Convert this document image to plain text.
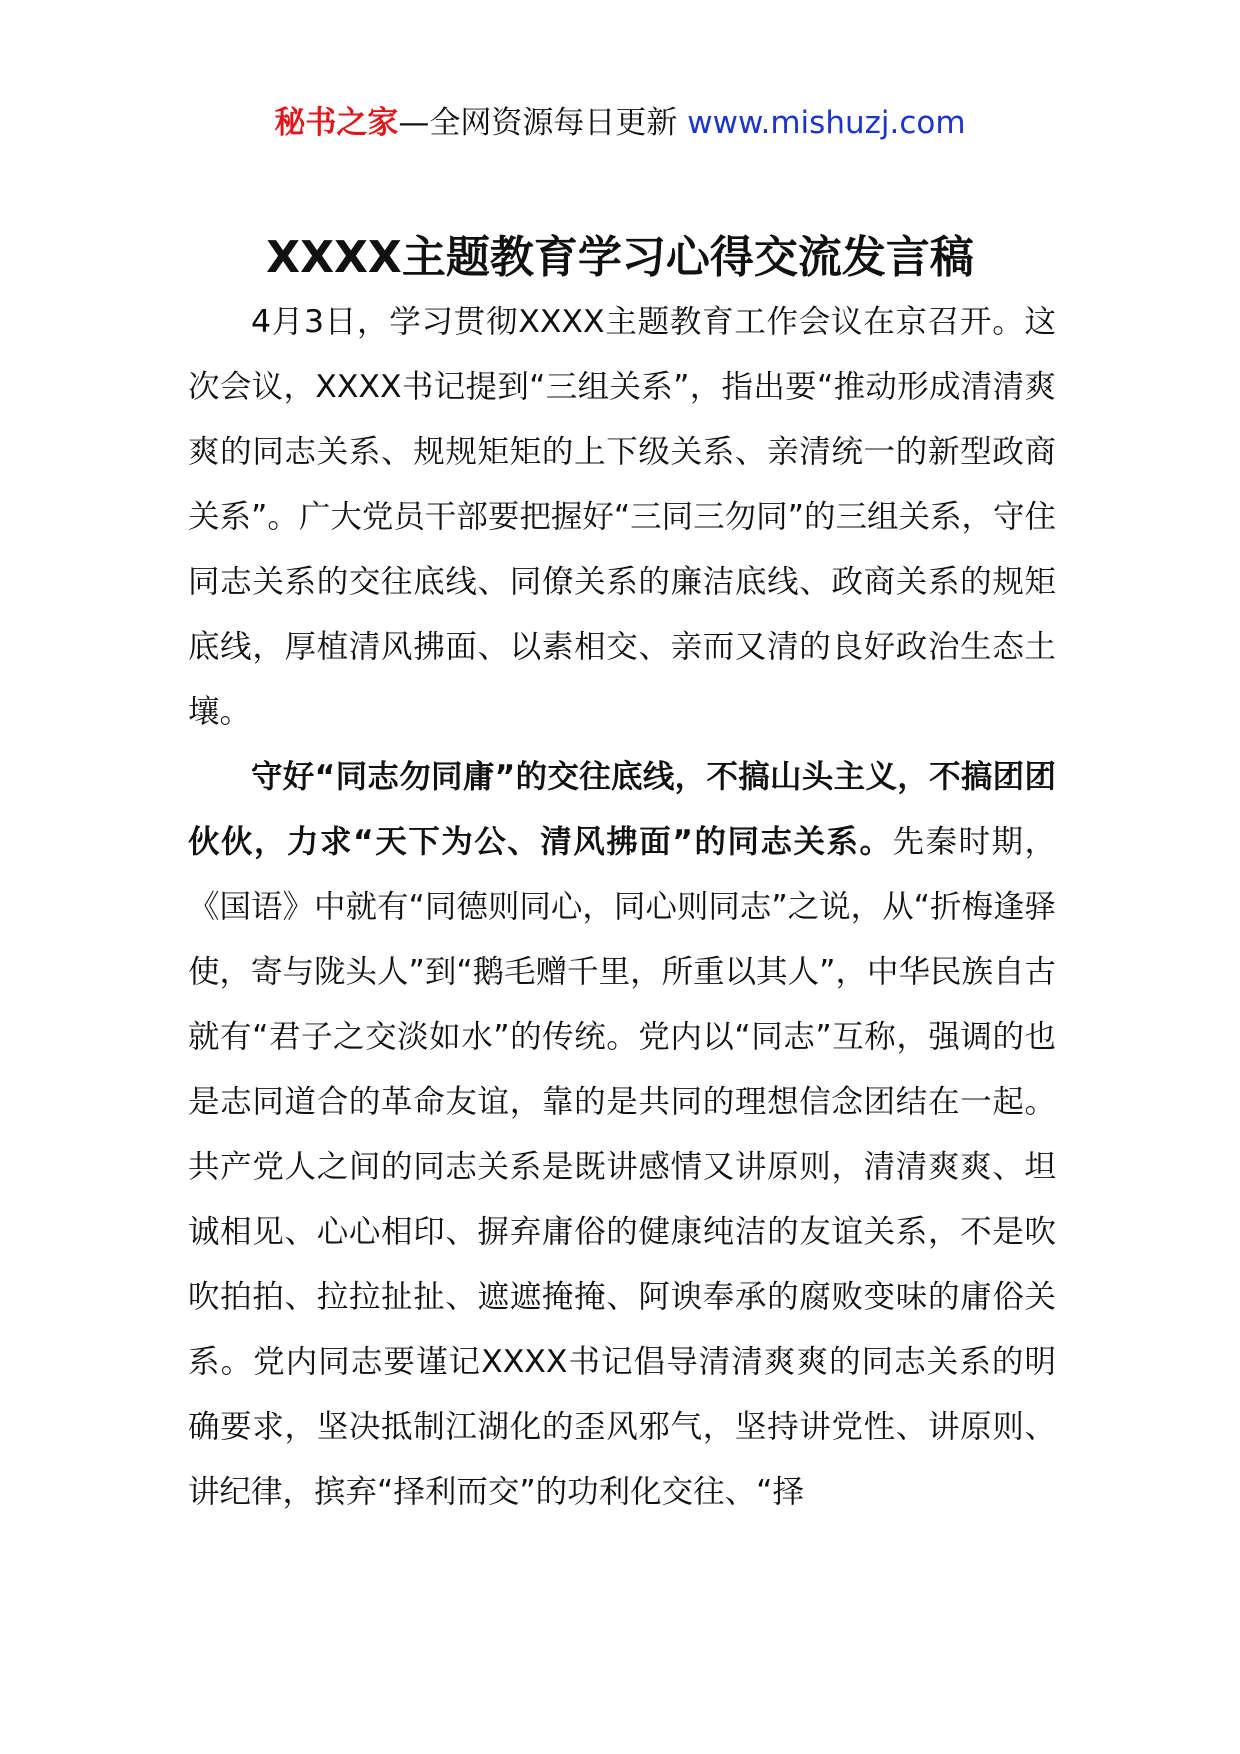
秘书之家—全网资源每日更新 www.mishuzj.com
XXXX主题教育学习心得交流发言稿

4月3日，学习贯彻XXXX主题教育工作会议在京召开。这次会议，XXXX书记提到“三组关系”，指出要“推动形成清清爽爽的同志关系、规规矩矩的上下级关系、亲清统一的新型政商关系”。广大党员干部要把握好“三同三勿同”的三组关系，守住同志关系的交往底线、同僚关系的廉洁底线、政商关系的规矩底线，厚植清风拂面、以素相交、亲而又清的良好政治生态土壤。

守好“同志勿同庸”的交往底线，不搞山头主义，不搞团团伙伙，力求“天下为公、清风拂面”的同志关系。先秦时期，《国语》中就有“同德则同心，同心则同志”之说，从“折梅逢驿使，寄与陇头人”到“鹅毛赠千里，所重以其人”，中华民族自古就有“君子之交淡如水”的传统。党内以“同志”互称，强调的也是志同道合的革命友谊，靠的是共同的理想信念团结在一起。共产党人之间的同志关系是既讲感情又讲原则，清清爽爽、坦诚相见、心心相印、摒弃庸俗的健康纯洁的友谊关系，不是吹吹拍拍、拉拉扯扯、遮遮掩掩、阿谀奉承的腐败变味的庸俗关系。党内同志要谨记XXXX书记倡导清清爽爽的同志关系的明确要求，坚决抵制江湖化的歪风邪气，坚持讲党性、讲原则、讲纪律，摈弃“择利而交”的功利化交往、“择
